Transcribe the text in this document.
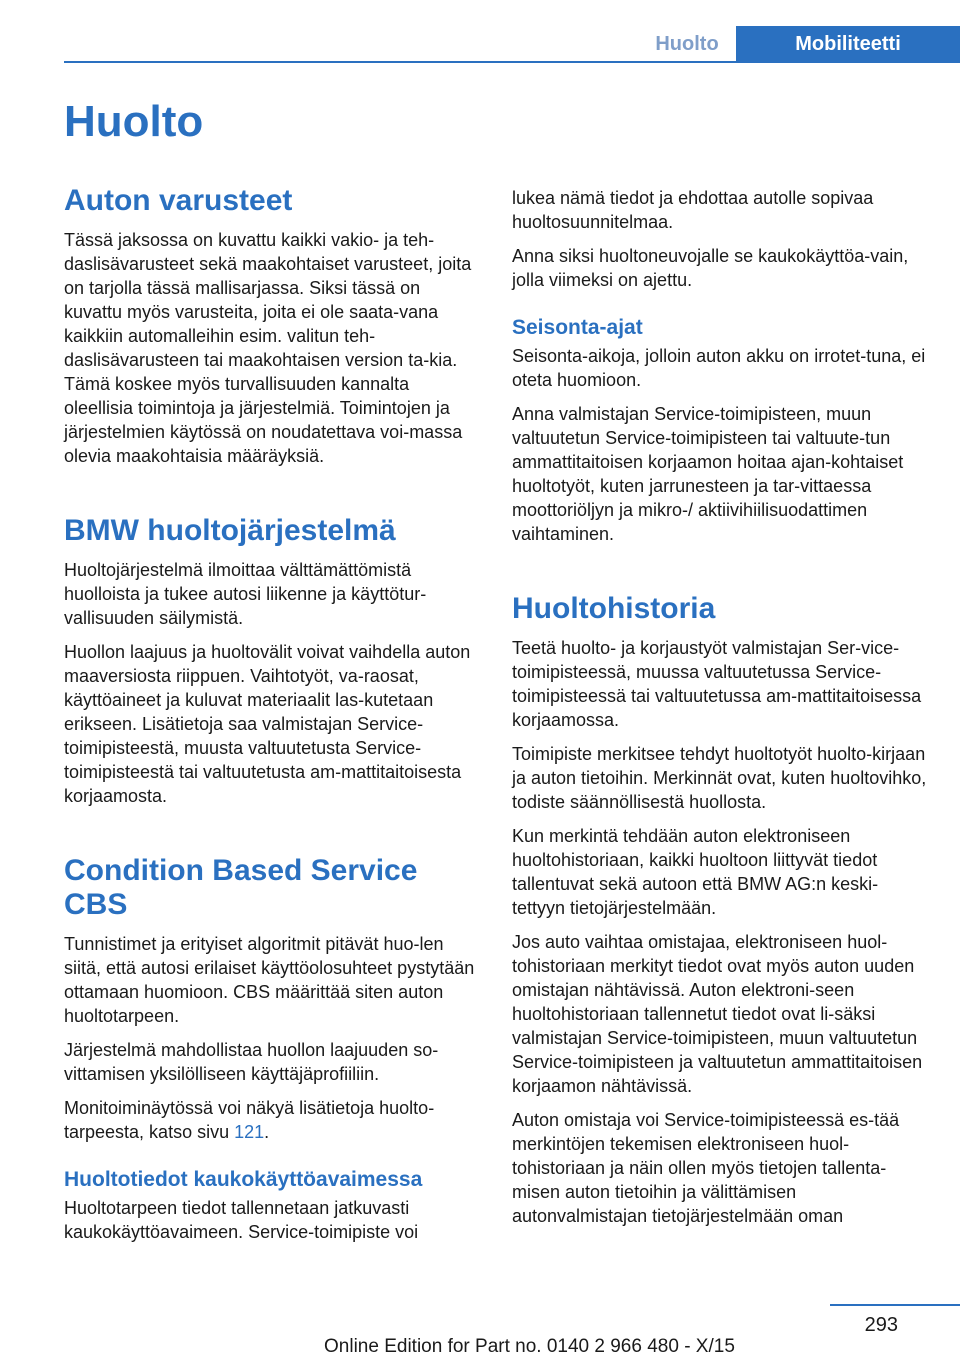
Huolto	Mobiliteetti
Huolto
Auton varusteet

Tässä jaksossa on kuvattu kaikki vakio- ja teh-daslisävarusteet sekä maakohtaiset varusteet, joita on tarjolla tässä mallisarjassa. Siksi tässä on kuvattu myös varusteita, joita ei ole saata-vana kaikkiin automalleihin esim. valitun teh-daslisävarusteen tai maakohtaisen version ta-kia. Tämä koskee myös turvallisuuden kannalta oleellisia toimintoja ja järjestelmiä. Toimintojen ja järjestelmien käytössä on noudatettava voi-massa olevia maakohtaisia määräyksiä.

BMW huoltojärjestelmä

Huoltojärjestelmä ilmoittaa välttämättömistä huolloista ja tukee autosi liikenne ja käyttötur-vallisuuden säilymistä.

Huollon laajuus ja huoltovälit voivat vaihdella auton maaversiosta riippuen. Vaihtotyöt, va-raosat, käyttöaineet ja kuluvat materiaalit las-kutetaan erikseen. Lisätietoja saa valmistajan Service-toimipisteestä, muusta valtuutetusta Service-toimipisteestä tai valtuutetusta am-mattitaitoisesta korjaamosta.

Condition Based Service CBS

Tunnistimet ja erityiset algoritmit pitävät huo-len siitä, että autosi erilaiset käyttöolosuhteet pystytään ottamaan huomioon. CBS määrittää siten auton huoltotarpeen.

Järjestelmä mahdollistaa huollon laajuuden so-vittamisen yksilölliseen käyttäjäprofiiliin.

Monitoiminäytössä voi näkyä lisätietoja huolto-tarpeesta, katso sivu 121.

Huoltotiedot kaukokäyttöavaimessa

Huoltotarpeen tiedot tallennetaan jatkuvasti kaukokäyttöavaimeen. Service-toimipiste voi

lukea nämä tiedot ja ehdottaa autolle sopivaa huoltosuunnitelmaa.

Anna siksi huoltoneuvojalle se kaukokäyttöa-vain, jolla viimeksi on ajettu.

Seisonta-ajat

Seisonta-aikoja, jolloin auton akku on irrotet-tuna, ei oteta huomioon.

Anna valmistajan Service-toimipisteen, muun valtuutetun Service-toimipisteen tai valtuute-tun ammattitaitoisen korjaamon hoitaa ajan-kohtaiset huoltotyöt, kuten jarrunesteen ja tar-vittaessa moottoriöljyn ja mikro-/ aktiivihiilisuodattimen vaihtaminen.

Huoltohistoria

Teetä huolto- ja korjaustyöt valmistajan Ser-vice-toimipisteessä, muussa valtuutetussa Service-toimipisteessä tai valtuutetussa am-mattitaitoisessa korjaamossa.

Toimipiste merkitsee tehdyt huoltotyöt huolto-kirjaan ja auton tietoihin. Merkinnät ovat, kuten huoltovihko, todiste säännöllisestä huollosta.

Kun merkintä tehdään auton elektroniseen huoltohistoriaan, kaikki huoltoon liittyvät tiedot tallentuvat sekä autoon että BMW AG:n keski-tettyyn tietojärjestelmään.

Jos auto vaihtaa omistajaa, elektroniseen huol-tohistoriaan merkityt tiedot ovat myös auton uuden omistajan nähtävissä. Auton elektroni-seen huoltohistoriaan tallennetut tiedot ovat li-säksi valmistajan Service-toimipisteen, muun valtuutetun Service-toimipisteen ja valtuutetun ammattitaitoisen korjaamon nähtävissä.

Auton omistaja voi Service-toimipisteessä es-tää merkintöjen tekemisen elektroniseen huol-tohistoriaan ja näin ollen myös tietojen tallenta-misen auton tietoihin ja välittämisen autonvalmistajan tietojärjestelmään oman

293
Online Edition for Part no. 0140 2 966 480 - X/15
